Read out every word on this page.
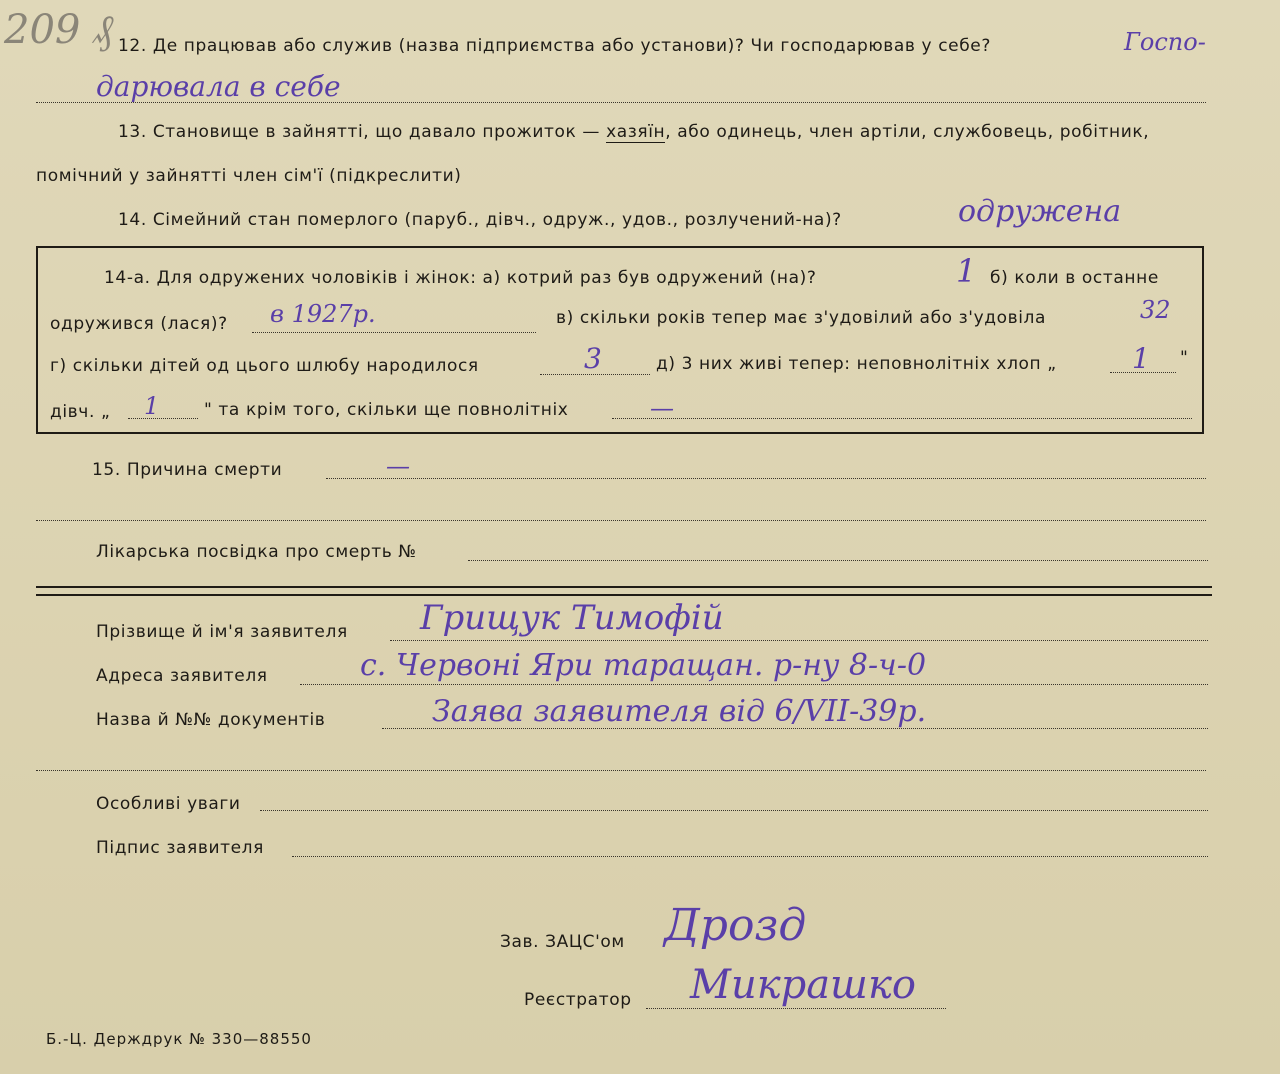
209 ₰ 12. Де працював або служив (назва підприємства або установи)? Чи господарював у себе?	Госпо-
дарювала в себе
13. Становище в зайнятті, що давало прожиток — хазяїн, або одинець, член артіли, службовець, робітник,
помічний у зайнятті член сім'ї (підкреслити)
14. Сімейний стан померлого (паруб., дівч., одруж., удов., розлучений-на)?	одружена
14-а. Для одружених чоловіків і жінок: а) котрий раз був одружений (на)?	1 б) коли в останне
одружився (лася)? в 1927р.	в) скільки років тепер має з'удовілий або з'удовіла	32
г) скільки дітей од цього шлюбу народилося	3	д) 3 них живі тепер: неповнолітніх хлоп „	1 "
дівч. „ 1	" та крім того, скільки ще повнолітніх	—
15. Причина смерти	—
Лікарська посвідка про смерть №
Прізвище й ім'я заявителя Грищук Тимофій
Адреса заявителя	с. Червоні Яри таращан. р-ну 8-ч-0
Назва й №№ документів	Заява заявителя від 6/VII-39р.
Особливі уваги
Підпис заявителя
Зав. ЗАЦС'ом Дрозд
Реєстратор Микрашко
Б.-Ц. Держдрук № 330—88550
